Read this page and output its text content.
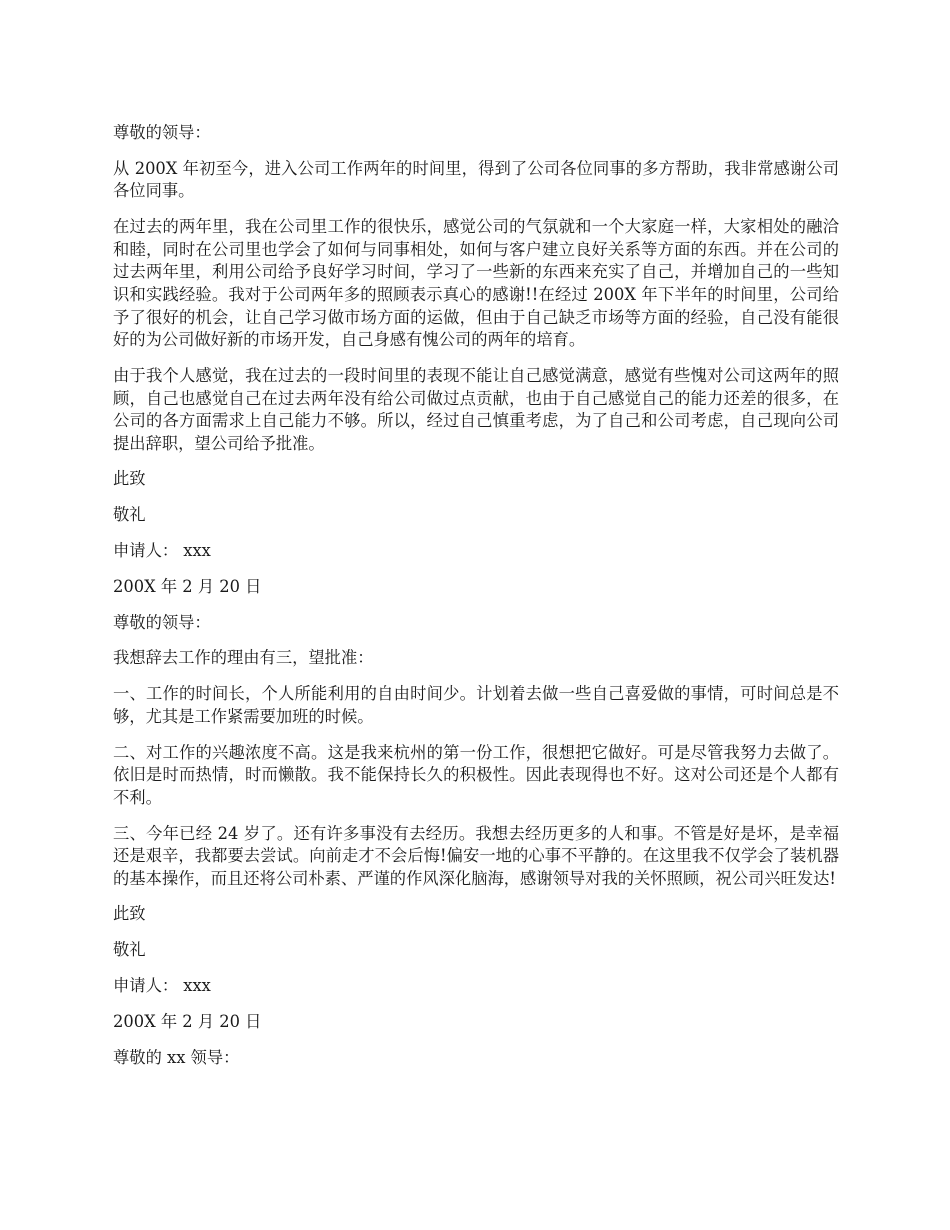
尊敬的领导：

从 200X 年初至今，进入公司工作两年的时间里，得到了公司各位同事的多方帮助，我非常感谢公司各位同事。

在过去的两年里，我在公司里工作的很快乐，感觉公司的气氛就和一个大家庭一样，大家相处的融洽和睦，同时在公司里也学会了如何与同事相处，如何与客户建立良好关系等方面的东西。并在公司的过去两年里，利用公司给予良好学习时间，学习了一些新的东西来充实了自己，并增加自己的一些知识和实践经验。我对于公司两年多的照顾表示真心的感谢!!在经过 200X 年下半年的时间里，公司给予了很好的机会，让自己学习做市场方面的运做，但由于自己缺乏市场等方面的经验，自己没有能很好的为公司做好新的市场开发，自己身感有愧公司的两年的培育。

由于我个人感觉，我在过去的一段时间里的表现不能让自己感觉满意，感觉有些愧对公司这两年的照顾，自己也感觉自己在过去两年没有给公司做过点贡献，也由于自己感觉自己的能力还差的很多，在公司的各方面需求上自己能力不够。所以，经过自己慎重考虑，为了自己和公司考虑，自己现向公司提出辞职，望公司给予批准。

此致

敬礼

申请人： xxx

200X 年 2 月 20 日

尊敬的领导：

我想辞去工作的理由有三，望批准：

一、工作的时间长，个人所能利用的自由时间少。计划着去做一些自己喜爱做的事情，可时间总是不够，尤其是工作紧需要加班的时候。

二、对工作的兴趣浓度不高。这是我来杭州的第一份工作，很想把它做好。可是尽管我努力去做了。依旧是时而热情，时而懒散。我不能保持长久的积极性。因此表现得也不好。这对公司还是个人都有不利。

三、今年已经 24 岁了。还有许多事没有去经历。我想去经历更多的人和事。不管是好是坏，是幸福还是艰辛，我都要去尝试。向前走才不会后悔!偏安一地的心事不平静的。在这里我不仅学会了装机器的基本操作，而且还将公司朴素、严谨的作风深化脑海，感谢领导对我的关怀照顾，祝公司兴旺发达!

此致

敬礼

申请人： xxx

200X 年 2 月 20 日

尊敬的 xx 领导：
